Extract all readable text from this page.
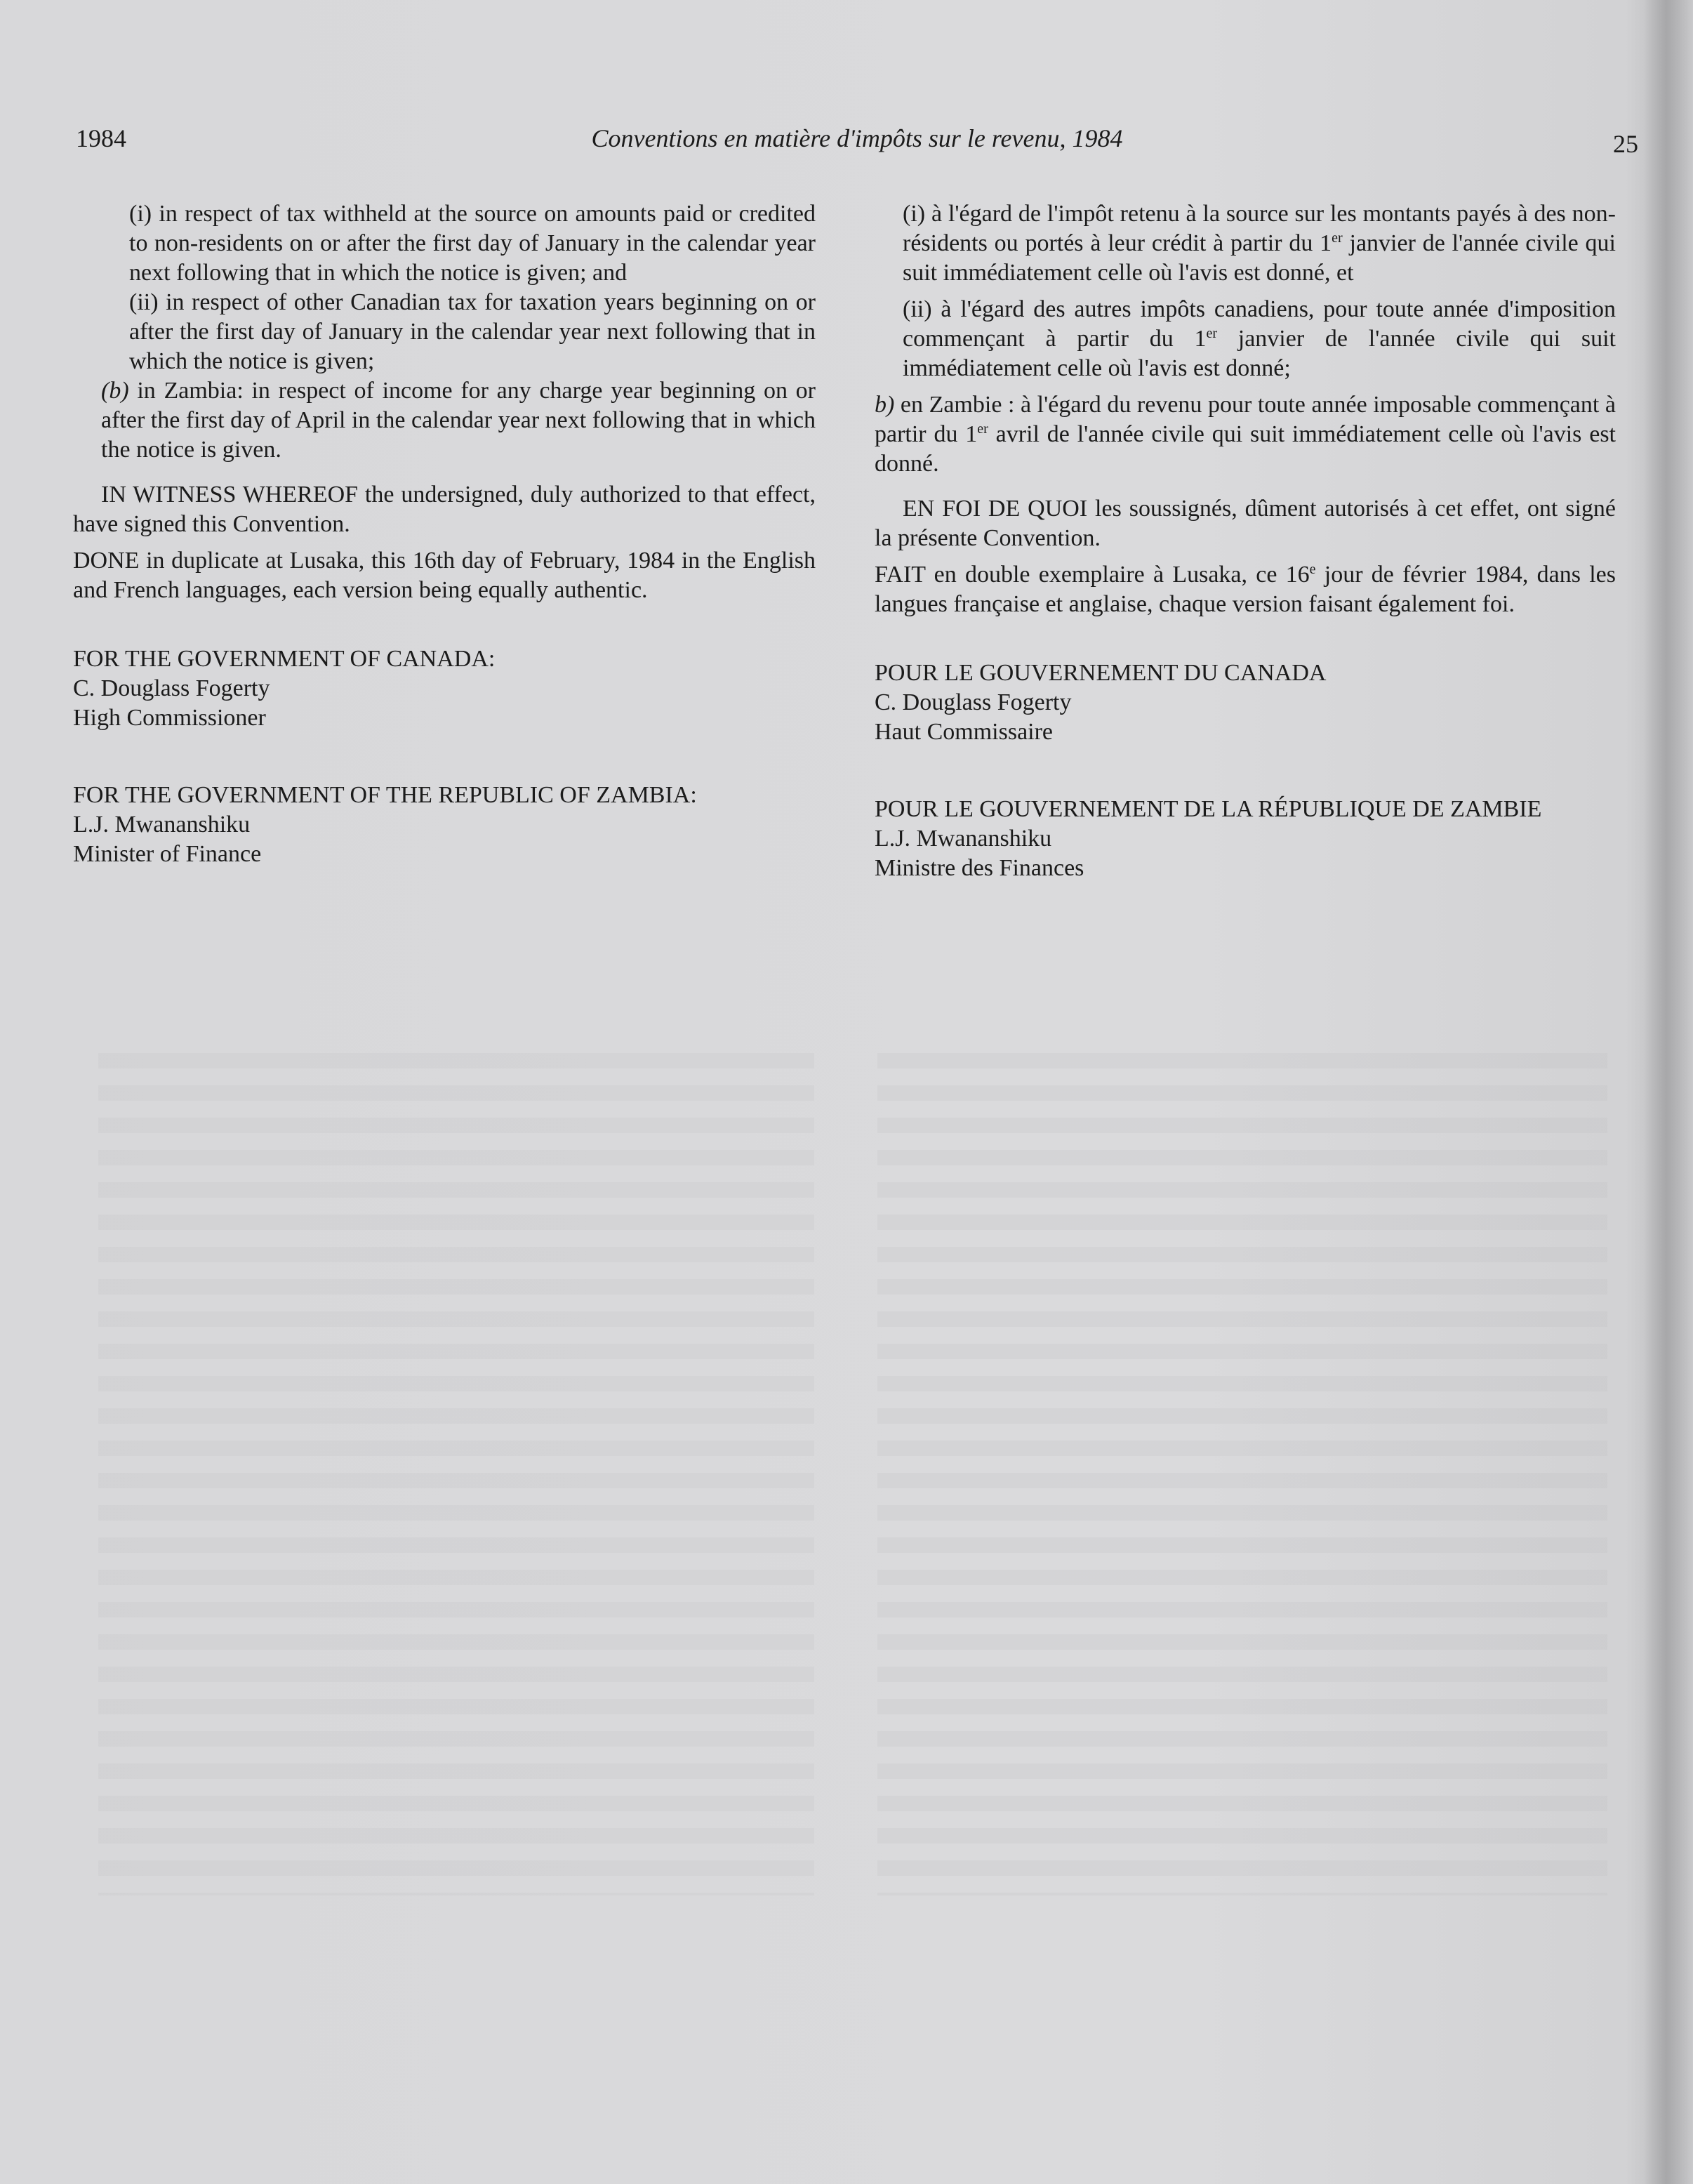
1984	Conventions en matière d'impôts sur le revenu, 1984	25

(i) in respect of tax withheld at the source on amounts paid or credited to non-residents on or after the first day of January in the calendar year next following that in which the notice is given; and

(ii) in respect of other Canadian tax for taxation years beginning on or after the first day of January in the calendar year next following that in which the notice is given;

(b) in Zambia: in respect of income for any charge year beginning on or after the first day of April in the calendar year next following that in which the notice is given.

IN WITNESS WHEREOF the undersigned, duly authorized to that effect, have signed this Convention.

DONE in duplicate at Lusaka, this 16th day of February, 1984 in the English and French languages, each version being equally authentic.

FOR THE GOVERNMENT OF CANADA:

C. Douglass Fogerty

High Commissioner

FOR THE GOVERNMENT OF THE REPUBLIC OF ZAMBIA:

L.J. Mwananshiku

Minister of Finance

(i) à l'égard de l'impôt retenu à la source sur les montants payés à des non-résidents ou portés à leur crédit à partir du 1er janvier de l'année civile qui suit immédiatement celle où l'avis est donné, et

(ii) à l'égard des autres impôts canadiens, pour toute année d'imposition commençant à partir du 1er janvier de l'année civile qui suit immédiatement celle où l'avis est donné;

b) en Zambie : à l'égard du revenu pour toute année imposable commençant à partir du 1er avril de l'année civile qui suit immédiatement celle où l'avis est donné.

EN FOI DE QUOI les soussignés, dûment autorisés à cet effet, ont signé la présente Convention.

FAIT en double exemplaire à Lusaka, ce 16e jour de février 1984, dans les langues française et anglaise, chaque version faisant également foi.

POUR LE GOUVERNEMENT DU CANADA

C. Douglass Fogerty

Haut Commissaire

POUR LE GOUVERNEMENT DE LA RÉPUBLIQUE DE ZAMBIE

L.J. Mwananshiku

Ministre des Finances
